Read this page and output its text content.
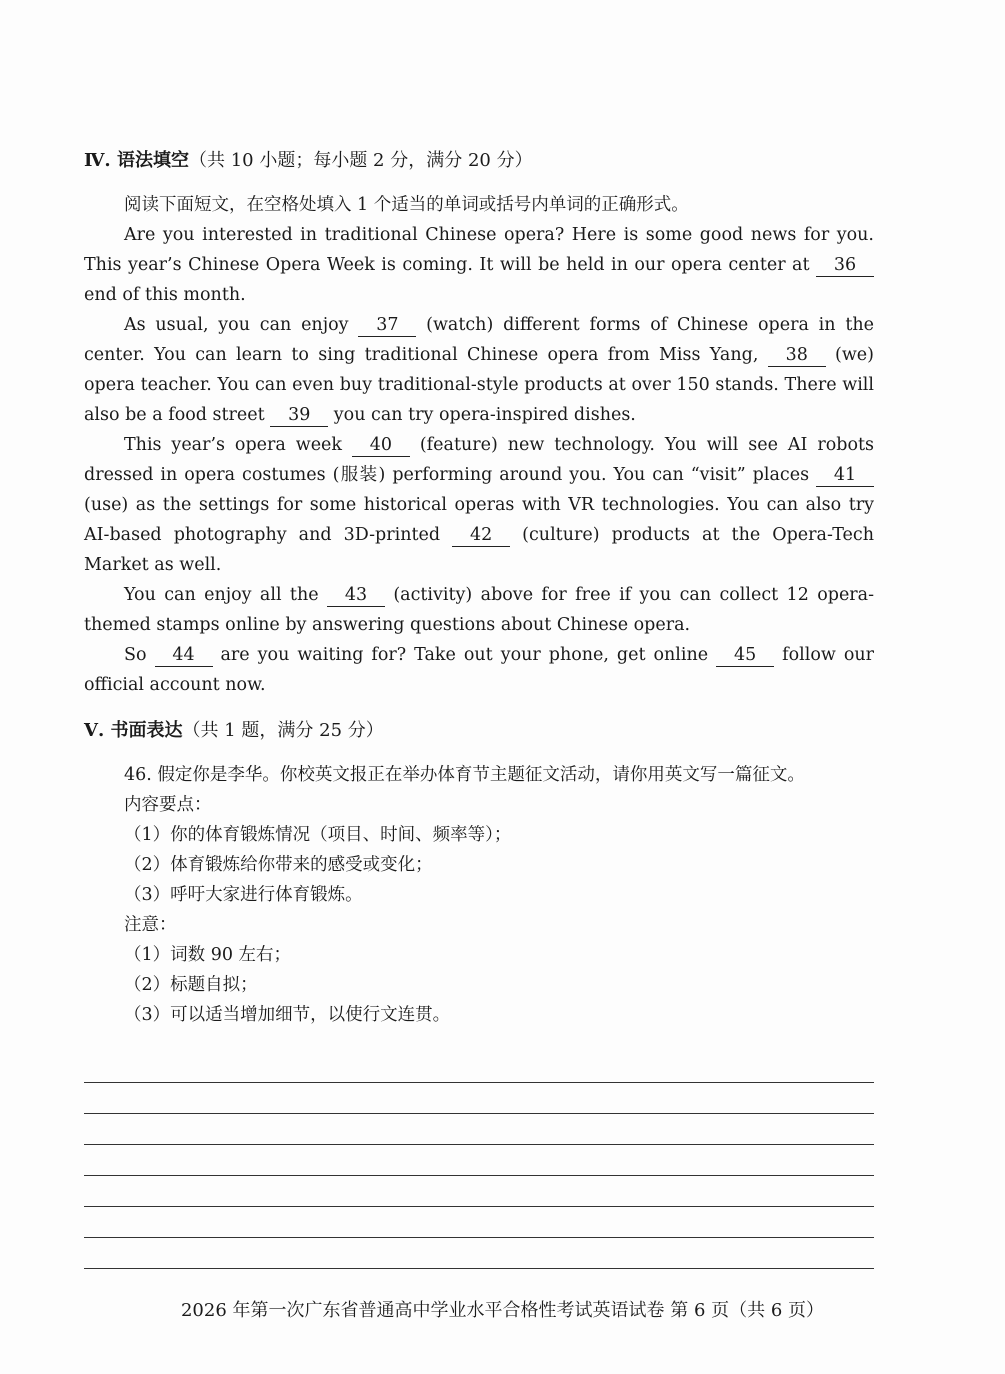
Ⅳ. 语法填空（共 10 小题；每小题 2 分，满分 20 分）

阅读下面短文，在空格处填入 1 个适当的单词或括号内单词的正确形式。

Are you interested in traditional Chinese opera? Here is some good news for you. This year’s Chinese Opera Week is coming. It will be held in our opera center at 36 end of this month.

As usual, you can enjoy 37 (watch) different forms of Chinese opera in the center. You can learn to sing traditional Chinese opera from Miss Yang, 38 (we) opera teacher. You can even buy traditional-style products at over 150 stands. There will also be a food street 39 you can try opera-inspired dishes.

This year’s opera week 40 (feature) new technology. You will see AI robots dressed in opera costumes (服装) performing around you. You can “visit” places 41 (use) as the settings for some historical operas with VR technologies. You can also try AI-based photography and 3D-printed 42 (culture) products at the Opera-Tech Market as well.

You can enjoy all the 43 (activity) above for free if you can collect 12 opera-themed stamps online by answering questions about Chinese opera.

So 44 are you waiting for? Take out your phone, get online 45 follow our official account now.

Ⅴ. 书面表达（共 1 题，满分 25 分）

46. 假定你是李华。你校英文报正在举办体育节主题征文活动，请你用英文写一篇征文。

内容要点：

（1）你的体育锻炼情况（项目、时间、频率等）；

（2）体育锻炼给你带来的感受或变化；

（3）呼吁大家进行体育锻炼。

注意：

（1）词数 90 左右；

（2）标题自拟；

（3）可以适当增加细节，以使行文连贯。

2026 年第一次广东省普通高中学业水平合格性考试英语试卷 第 6 页（共 6 页）
